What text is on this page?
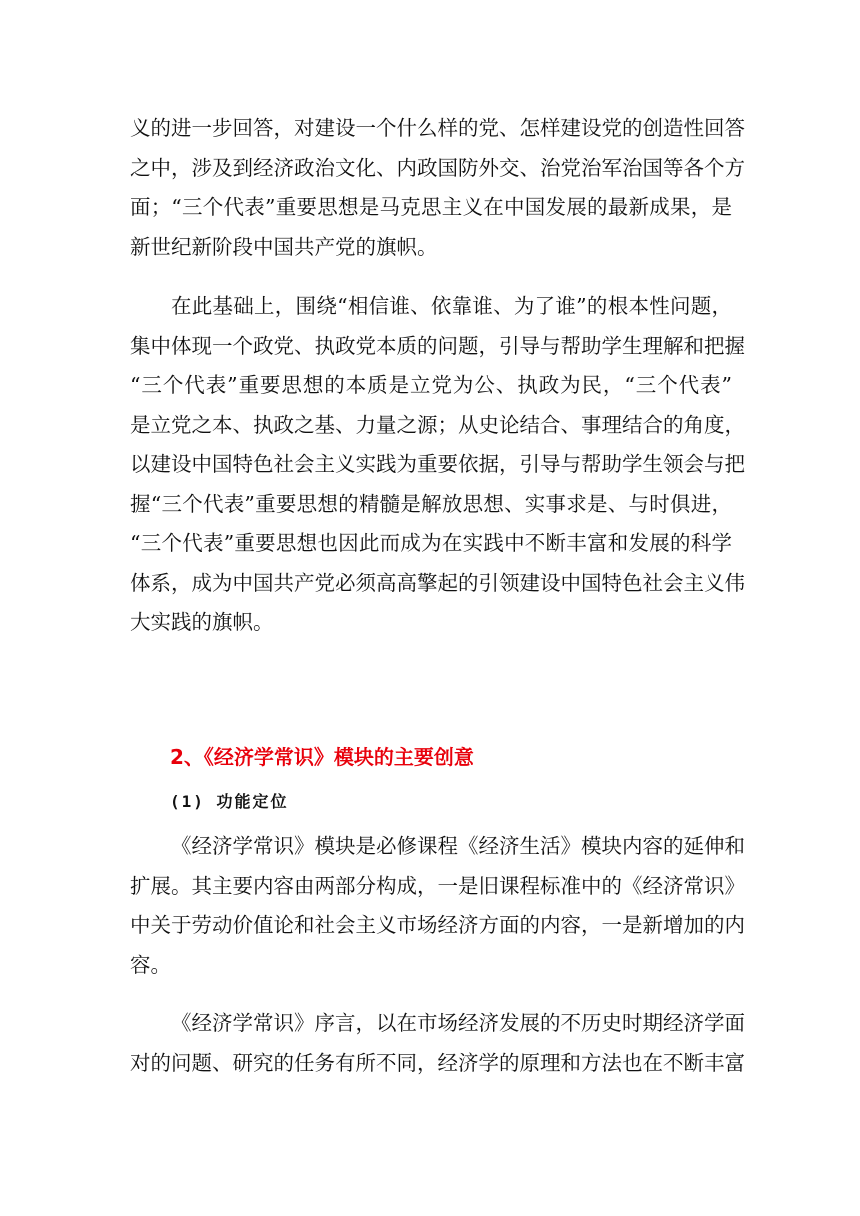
义的进一步回答，对建设一个什么样的党、怎样建设党的创造性回答
之中，涉及到经济政治文化、内政国防外交、治党治军治国等各个方
面；“三个代表”重要思想是马克思主义在中国发展的最新成果，是
新世纪新阶段中国共产党的旗帜。
在此基础上，围绕“相信谁、依靠谁、为了谁”的根本性问题，
集中体现一个政党、执政党本质的问题，引导与帮助学生理解和把握
“三个代表”重要思想的本质是立党为公、执政为民，“三个代表”
是立党之本、执政之基、力量之源；从史论结合、事理结合的角度，
以建设中国特色社会主义实践为重要依据，引导与帮助学生领会与把
握“三个代表”重要思想的精髓是解放思想、实事求是、与时俱进，
“三个代表”重要思想也因此而成为在实践中不断丰富和发展的科学
体系，成为中国共产党必须高高擎起的引领建设中国特色社会主义伟
大实践的旗帜。
2、《经济学常识》模块的主要创意
(1) 功能定位
《经济学常识》模块是必修课程《经济生活》模块内容的延伸和
扩展。其主要内容由两部分构成，一是旧课程标准中的《经济常识》
中关于劳动价值论和社会主义市场经济方面的内容，一是新增加的内
容。
《经济学常识》序言，以在市场经济发展的不历史时期经济学面
对的问题、研究的任务有所不同，经济学的原理和方法也在不断丰富
